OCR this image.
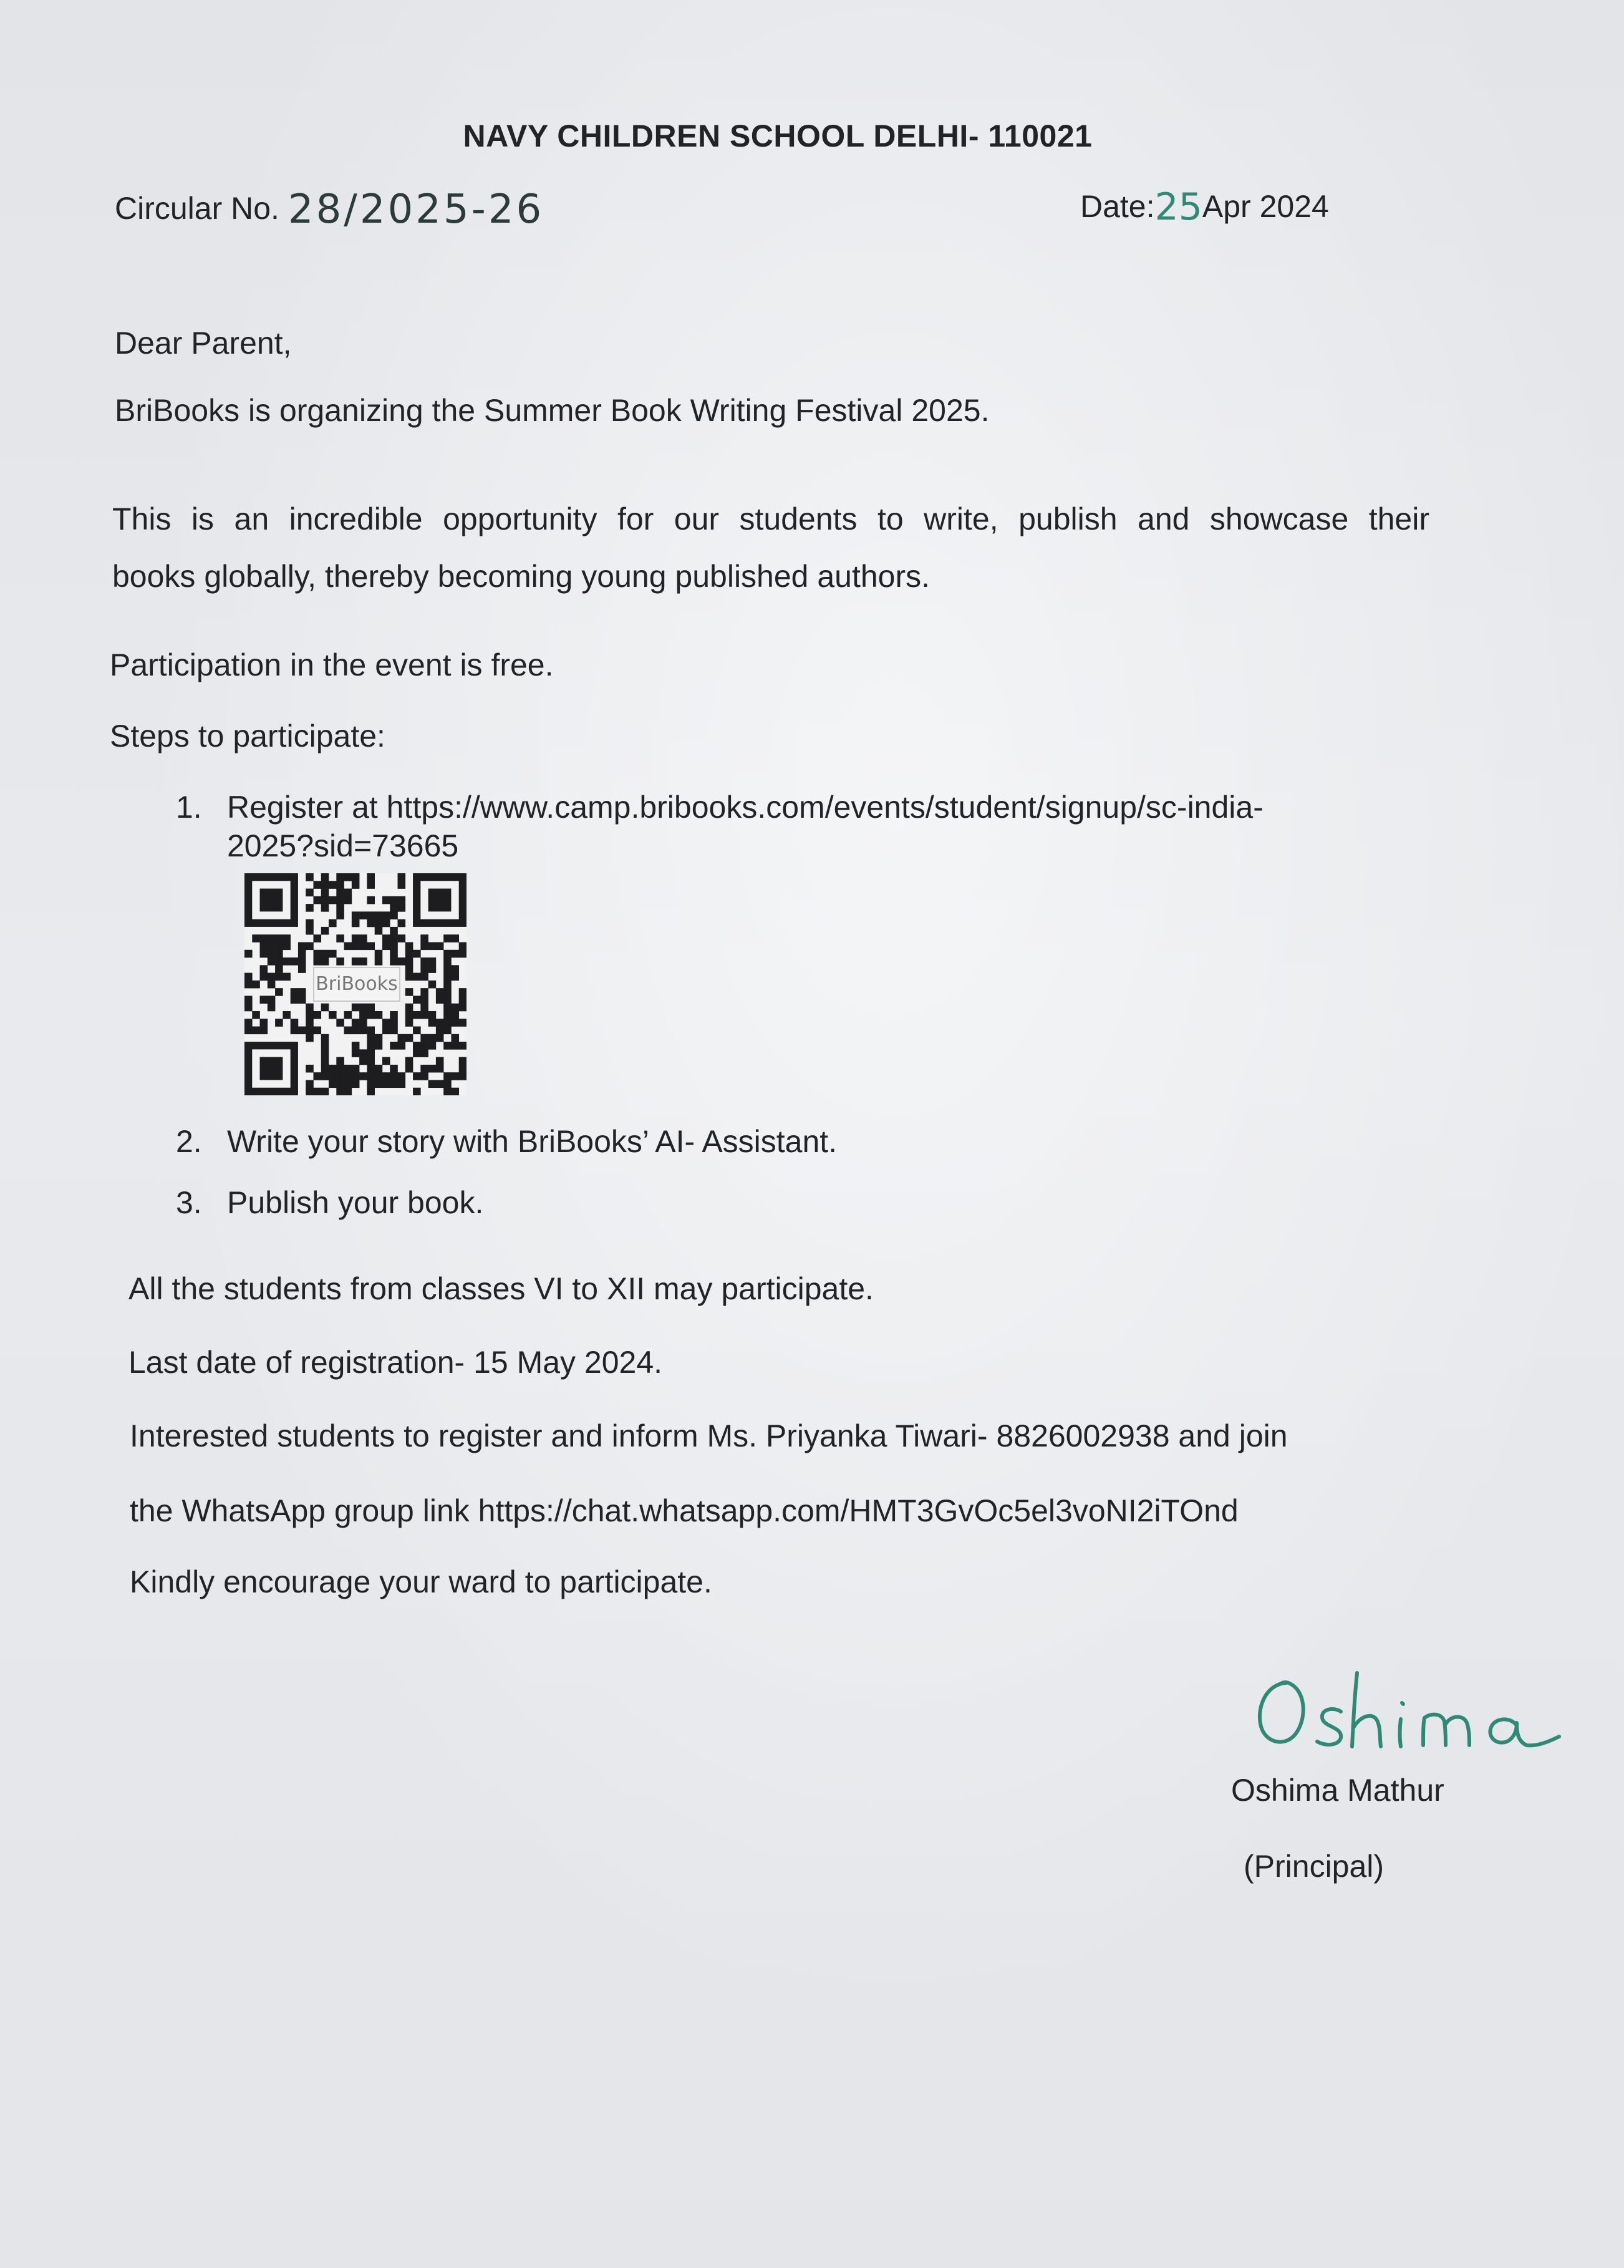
NAVY CHILDREN SCHOOL DELHI- 110021

Circular No. 28/2025-26	Date:25Apr 2024

Dear Parent,

BriBooks is organizing the Summer Book Writing Festival 2025.

This is an incredible opportunity for our students to write, publish and showcase their

books globally, thereby becoming young published authors.

Participation in the event is free.

Steps to participate:

1. Register at https://www.camp.bribooks.com/events/student/signup/sc-india-

2025?sid=73665

BriBooks

2. Write your story with BriBooks’ AI- Assistant.

3. Publish your book.

All the students from classes VI to XII may participate.

Last date of registration- 15 May 2024.

Interested students to register and inform Ms. Priyanka Tiwari- 8826002938 and join

the WhatsApp group link https://chat.whatsapp.com/HMT3GvOc5el3voNI2iTOnd

Kindly encourage your ward to participate.

Oshima Mathur

(Principal)
